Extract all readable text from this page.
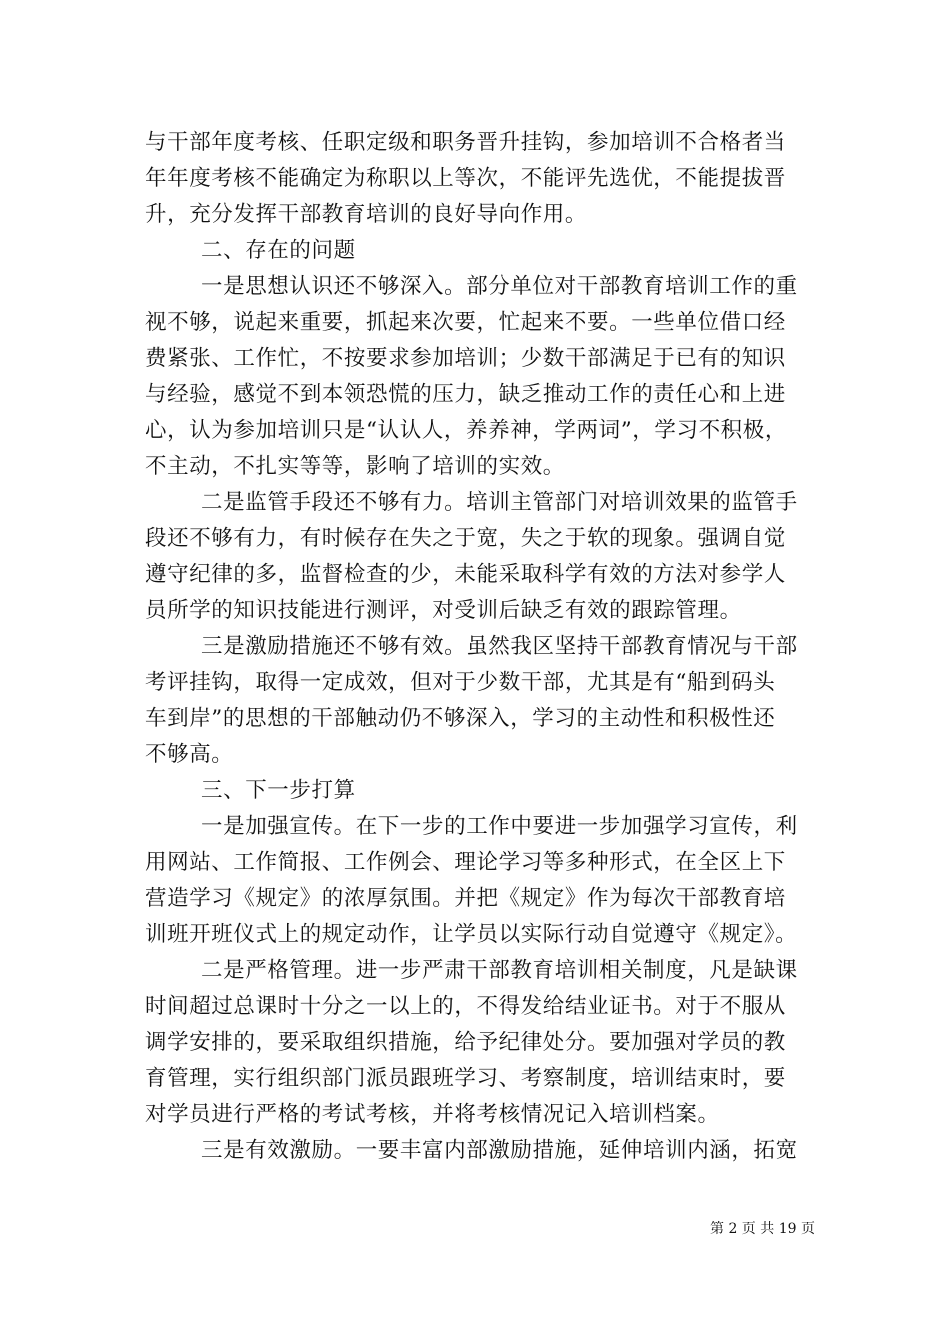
与干部年度考核、任职定级和职务晋升挂钩，参加培训不合格者当
年年度考核不能确定为称职以上等次，不能评先选优，不能提拔晋
升，充分发挥干部教育培训的良好导向作用。
二、存在的问题
一是思想认识还不够深入。部分单位对干部教育培训工作的重
视不够，说起来重要，抓起来次要，忙起来不要。一些单位借口经
费紧张、工作忙，不按要求参加培训；少数干部满足于已有的知识
与经验，感觉不到本领恐慌的压力，缺乏推动工作的责任心和上进
心，认为参加培训只是“认认人，养养神，学两词”，学习不积极，
不主动，不扎实等等，影响了培训的实效。
二是监管手段还不够有力。培训主管部门对培训效果的监管手
段还不够有力，有时候存在失之于宽，失之于软的现象。强调自觉
遵守纪律的多，监督检查的少，未能采取科学有效的方法对参学人
员所学的知识技能进行测评，对受训后缺乏有效的跟踪管理。
三是激励措施还不够有效。虽然我区坚持干部教育情况与干部
考评挂钩，取得一定成效，但对于少数干部，尤其是有“船到码头
车到岸”的思想的干部触动仍不够深入，学习的主动性和积极性还
不够高。
三、下一步打算
一是加强宣传。在下一步的工作中要进一步加强学习宣传，利
用网站、工作简报、工作例会、理论学习等多种形式，在全区上下
营造学习《规定》的浓厚氛围。并把《规定》作为每次干部教育培
训班开班仪式上的规定动作，让学员以实际行动自觉遵守《规定》。
二是严格管理。进一步严肃干部教育培训相关制度，凡是缺课
时间超过总课时十分之一以上的，不得发给结业证书。对于不服从
调学安排的，要采取组织措施，给予纪律处分。要加强对学员的教
育管理，实行组织部门派员跟班学习、考察制度，培训结束时，要
对学员进行严格的考试考核，并将考核情况记入培训档案。
三是有效激励。一要丰富内部激励措施，延伸培训内涵，拓宽
第 2 页 共 19 页
